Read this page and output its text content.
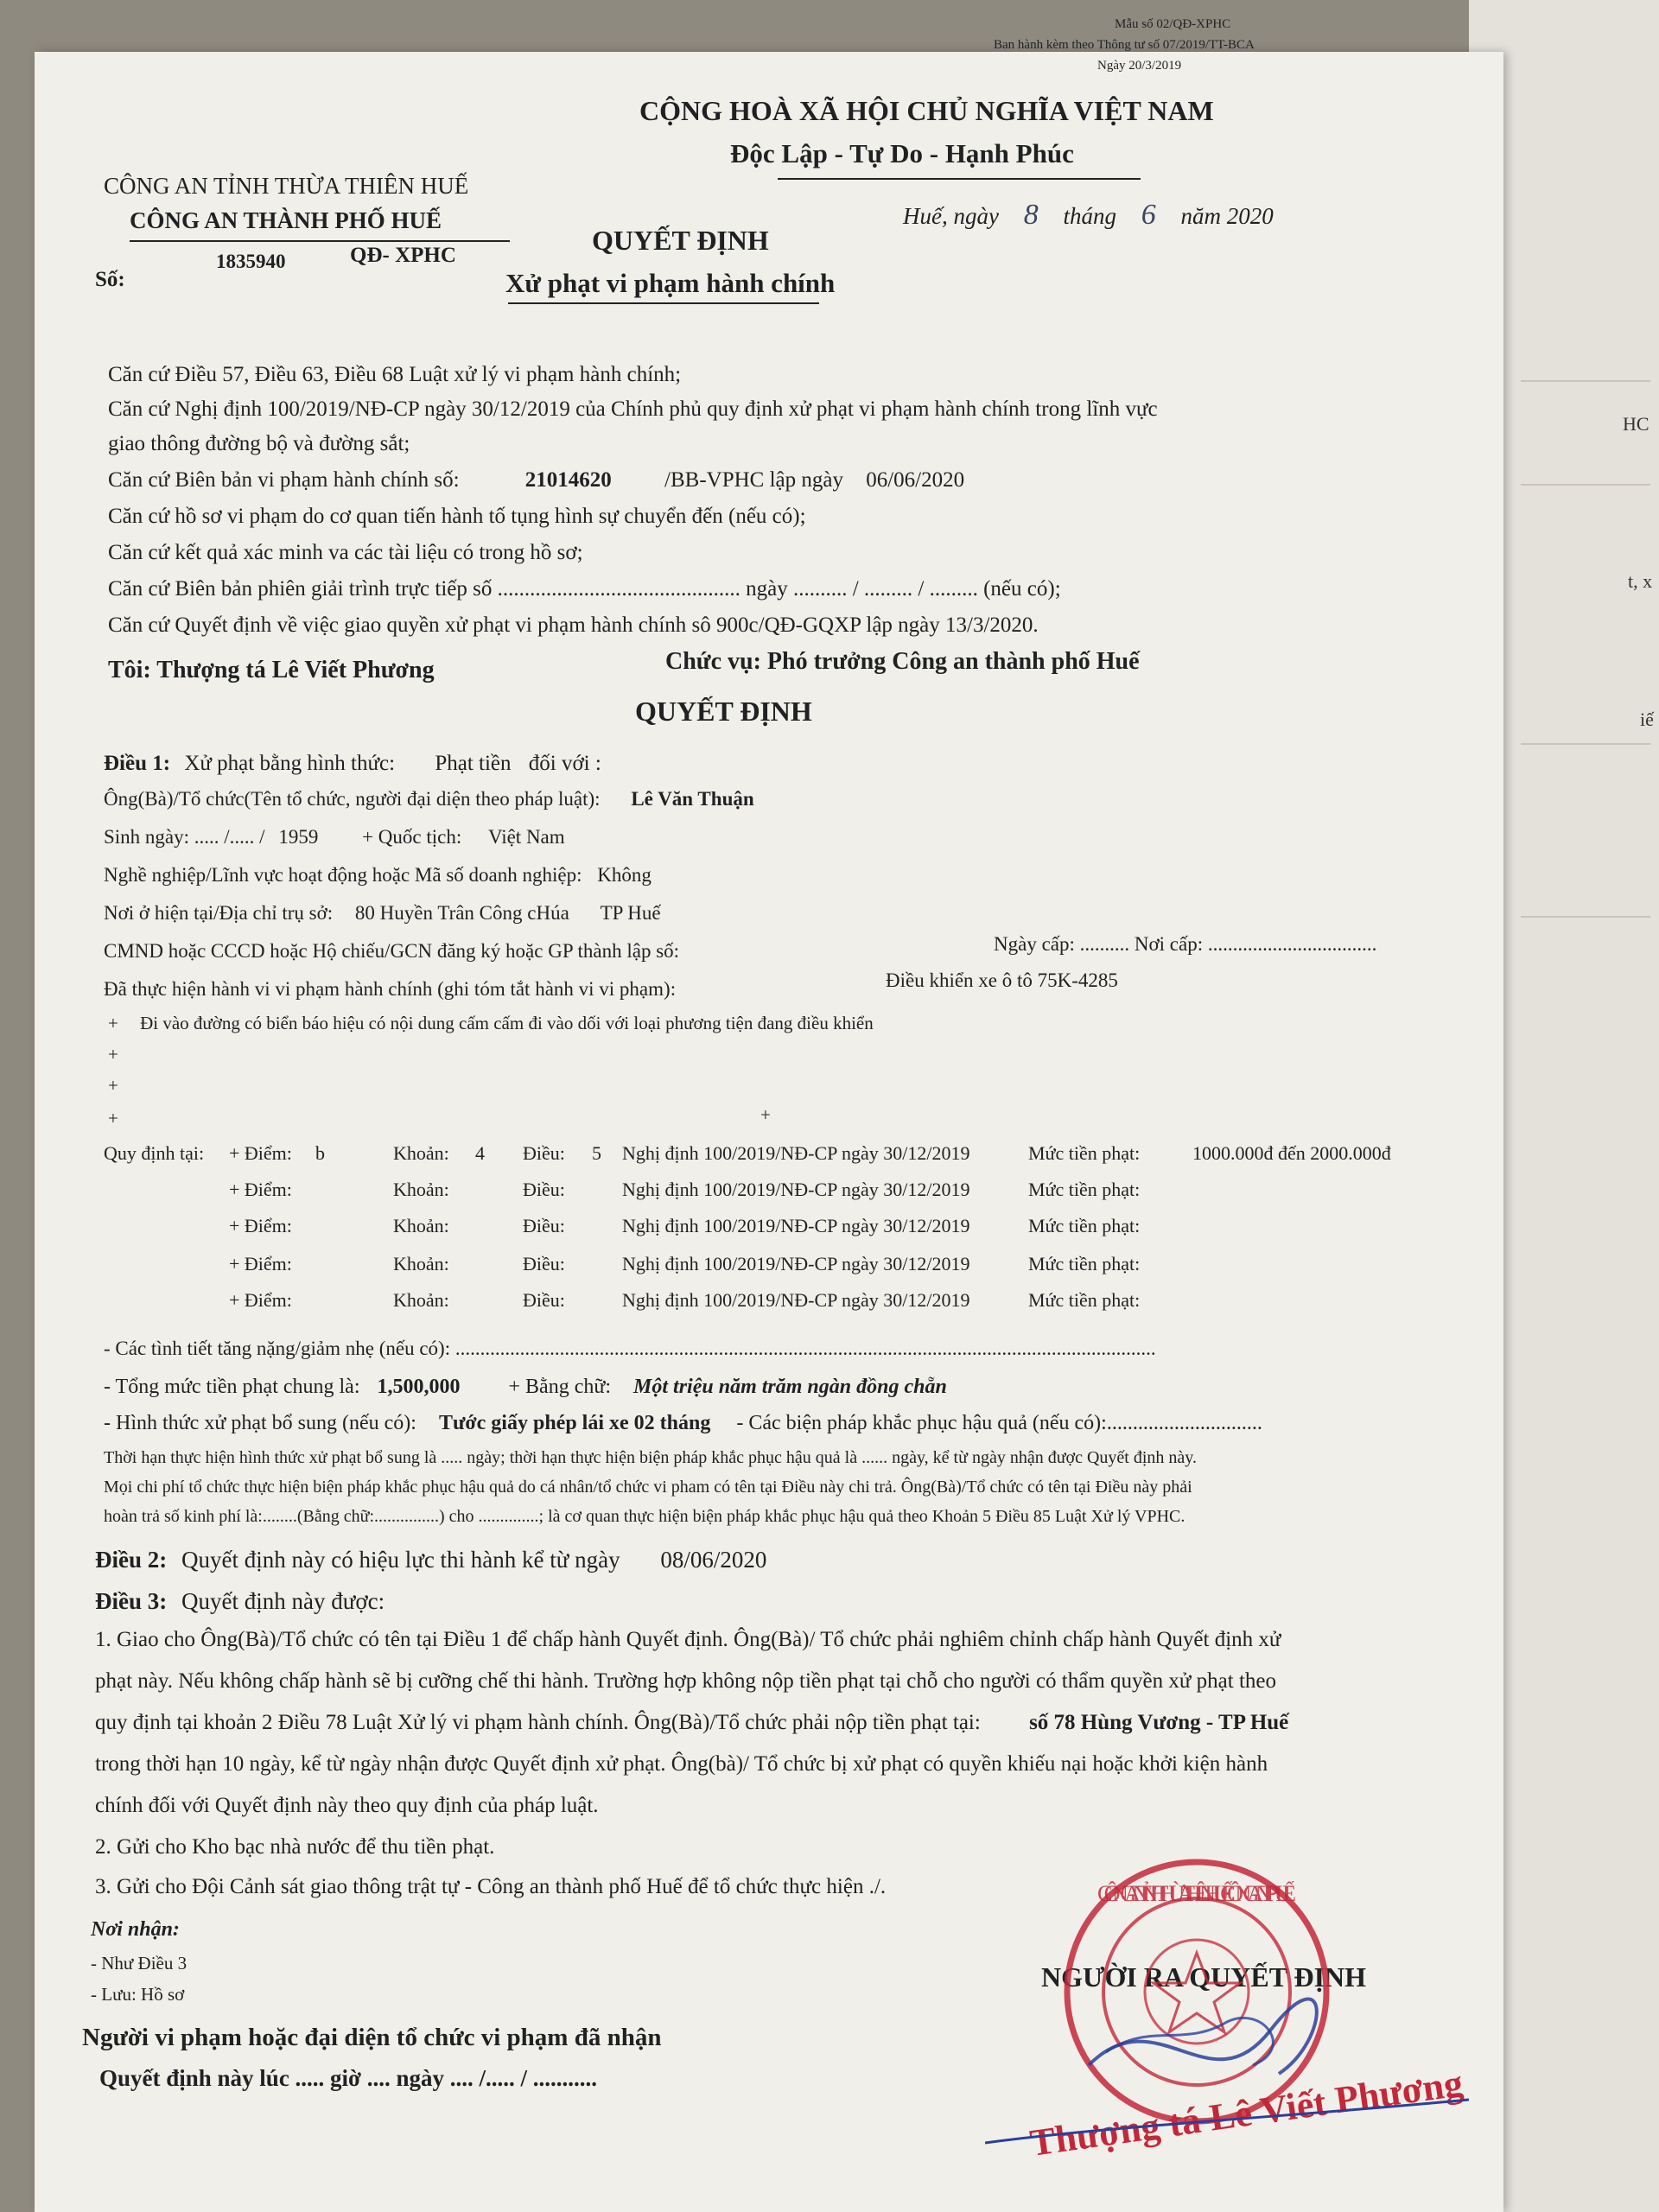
HC
t, x
iế
Mẫu số 02/QĐ-XPHC
Ban hành kèm theo Thông tư số 07/2019/TT-BCA
Ngày 20/3/2019
CÔNG AN TỈNH THỪA THIÊN HUẾ
CÔNG AN THÀNH PHỐ HUẾ
Số:
1835940	QĐ- XPHC
CỘNG HOÀ XÃ HỘI CHỦ NGHĨA VIỆT NAM
Độc Lập - Tự Do - Hạnh Phúc
Huế, ngày 8 tháng 6 năm 2020
QUYẾT ĐỊNH
Xử phạt vi phạm hành chính
Căn cứ Điều 57, Điều 63, Điều 68 Luật xử lý vi phạm hành chính;
Căn cứ Nghị định 100/2019/NĐ-CP ngày 30/12/2019 của Chính phủ quy định xử phạt vi phạm hành chính trong lĩnh vực
giao thông đường bộ và đường sắt;
Căn cứ Biên bản vi phạm hành chính số:	21014620 /BB-VPHC lập ngày 06/06/2020
Căn cứ hồ sơ vi phạm do cơ quan tiến hành tố tụng hình sự chuyển đến (nếu có);
Căn cứ kết quả xác minh va các tài liệu có trong hồ sơ;
Căn cứ Biên bản phiên giải trình trực tiếp số ............................................. ngày .......... / ......... / ......... (nếu có);
Căn cứ Quyết định về việc giao quyền xử phạt vi phạm hành chính sô 900c/QĐ-GQXP lập ngày 13/3/2020.
Tôi: Thượng tá Lê Viết Phương	Chức vụ: Phó trưởng Công an thành phố Huế
QUYẾT ĐỊNH
Điều 1: Xử phạt bằng hình thức: Phạt tiền đối với :
Ông(Bà)/Tổ chức(Tên tổ chức, người đại diện theo pháp luật): Lê Văn Thuận
Sinh ngày: ..... /..... / 1959 + Quốc tịch: Việt Nam
Nghề nghiệp/Lĩnh vực hoạt động hoặc Mã số doanh nghiệp: Không
Nơi ở hiện tại/Địa chỉ trụ sở: 80 Huyền Trân Công cHúa TP Huế
CMND hoặc CCCD hoặc Hộ chiếu/GCN đăng ký hoặc GP thành lập số:	Ngày cấp: .......... Nơi cấp: ..................................
Đã thực hiện hành vi vi phạm hành chính (ghi tóm tắt hành vi vi phạm):	Điều khiển xe ô tô 75K-4285
+ Đi vào đường có biển báo hiệu có nội dung cấm cấm đi vào dối với loại phương tiện đang điều khiển
+
+
+
+
Quy định tại: + Điểm: b	Khoản: 4 Điều: 5 Nghị định 100/2019/NĐ-CP ngày 30/12/2019	Mức tiền phạt:	1000.000đ đến 2000.000đ
+ Điểm:	Khoản:	Điều:	Nghị định 100/2019/NĐ-CP ngày 30/12/2019	Mức tiền phạt:
+ Điểm:	Khoản:	Điều:	Nghị định 100/2019/NĐ-CP ngày 30/12/2019	Mức tiền phạt:
+ Điểm:	Khoản:	Điều:	Nghị định 100/2019/NĐ-CP ngày 30/12/2019	Mức tiền phạt:
+ Điểm:	Khoản:	Điều:	Nghị định 100/2019/NĐ-CP ngày 30/12/2019	Mức tiền phạt:
- Các tình tiết tăng nặng/giảm nhẹ (nếu có): .............................................................................................................................................
- Tổng mức tiền phạt chung là: 1,500,000 + Bằng chữ: Một triệu năm trăm ngàn đồng chẵn
- Hình thức xử phạt bổ sung (nếu có): Tước giấy phép lái xe 02 tháng - Các biện pháp khắc phục hậu quả (nếu có):..............................
Thời hạn thực hiện hình thức xử phạt bổ sung là ..... ngày; thời hạn thực hiện biện pháp khắc phục hậu quả là ...... ngày, kể từ ngày nhận được Quyết định này.
Mọi chi phí tổ chức thực hiện biện pháp khắc phục hậu quả do cá nhân/tổ chức vi pham có tên tại Điều này chi trả. Ông(Bà)/Tổ chức có tên tại Điều này phải
hoàn trả số kinh phí là:........(Bằng chữ:...............) cho ..............; là cơ quan thực hiện biện pháp khắc phục hậu quả theo Khoản 5 Điều 85 Luật Xử lý VPHC.
Điều 2: Quyết định này có hiệu lực thi hành kể từ ngày 08/06/2020
Điều 3: Quyết định này được:
1. Giao cho Ông(Bà)/Tổ chức có tên tại Điều 1 để chấp hành Quyết định. Ông(Bà)/ Tổ chức phải nghiêm chỉnh chấp hành Quyết định xử
phạt này. Nếu không chấp hành sẽ bị cưỡng chế thi hành. Trường hợp không nộp tiền phạt tại chỗ cho người có thẩm quyền xử phạt theo
quy định tại khoản 2 Điều 78 Luật Xử lý vi phạm hành chính. Ông(Bà)/Tổ chức phải nộp tiền phạt tại: số 78 Hùng Vương - TP Huế
trong thời hạn 10 ngày, kể từ ngày nhận được Quyết định xử phạt. Ông(bà)/ Tổ chức bị xử phạt có quyền khiếu nại hoặc khởi kiện hành
chính đối với Quyết định này theo quy định của pháp luật.
2. Gửi cho Kho bạc nhà nước để thu tiền phạt.
3. Gửi cho Đội Cảnh sát giao thông trật tự - Công an thành phố Huế để tổ chức thực hiện ./.
Nơi nhận:
- Như Điều 3
- Lưu: Hồ sơ
Người vi phạm hoặc đại diện tổ chức vi phạm đã nhận
Quyết định này lúc ..... giờ .... ngày .... /..... / ...........
NGƯỜI RA QUYẾT ĐỊNH
CÔNG AN TỈNH THỪA THIÊN HUẾ · CÔNG AN TP HUẾ
Thượng tá Lê Viết Phương
